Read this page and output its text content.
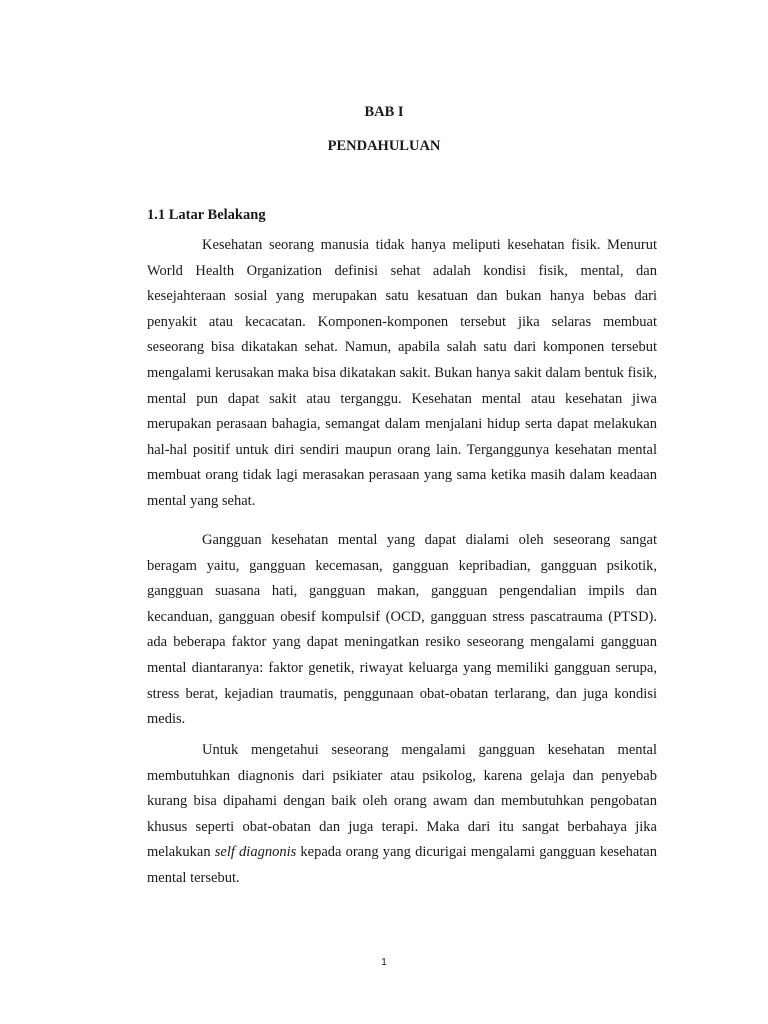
BAB I
PENDAHULUAN
1.1 Latar Belakang

Kesehatan seorang manusia tidak hanya meliputi kesehatan fisik. Menurut World Health Organization definisi sehat adalah kondisi fisik, mental, dan kesejahteraan sosial yang merupakan satu kesatuan dan bukan hanya bebas dari penyakit atau kecacatan. Komponen-komponen tersebut jika selaras membuat seseorang bisa dikatakan sehat. Namun, apabila salah satu dari komponen tersebut mengalami kerusakan maka bisa dikatakan sakit. Bukan hanya sakit dalam bentuk fisik, mental pun dapat sakit atau terganggu. Kesehatan mental atau kesehatan jiwa merupakan perasaan bahagia, semangat dalam menjalani hidup serta dapat melakukan hal-hal positif untuk diri sendiri maupun orang lain. Terganggunya kesehatan mental membuat orang tidak lagi merasakan perasaan yang sama ketika masih dalam keadaan mental yang sehat.

Gangguan kesehatan mental yang dapat dialami oleh seseorang sangat beragam yaitu, gangguan kecemasan, gangguan kepribadian, gangguan psikotik, gangguan suasana hati, gangguan makan, gangguan pengendalian impils dan kecanduan, gangguan obesif kompulsif (OCD, gangguan stress pascatrauma (PTSD). ada beberapa faktor yang dapat meningatkan resiko seseorang mengalami gangguan mental diantaranya: faktor genetik, riwayat keluarga yang memiliki gangguan serupa, stress berat, kejadian traumatis, penggunaan obat-obatan terlarang, dan juga kondisi medis.

Untuk mengetahui seseorang mengalami gangguan kesehatan mental membutuhkan diagnonis dari psikiater atau psikolog, karena gelaja dan penyebab kurang bisa dipahami dengan baik oleh orang awam dan membutuhkan pengobatan khusus seperti obat-obatan dan juga terapi. Maka dari itu sangat berbahaya jika melakukan self diagnonis kepada orang yang dicurigai mengalami gangguan kesehatan mental tersebut.

1
